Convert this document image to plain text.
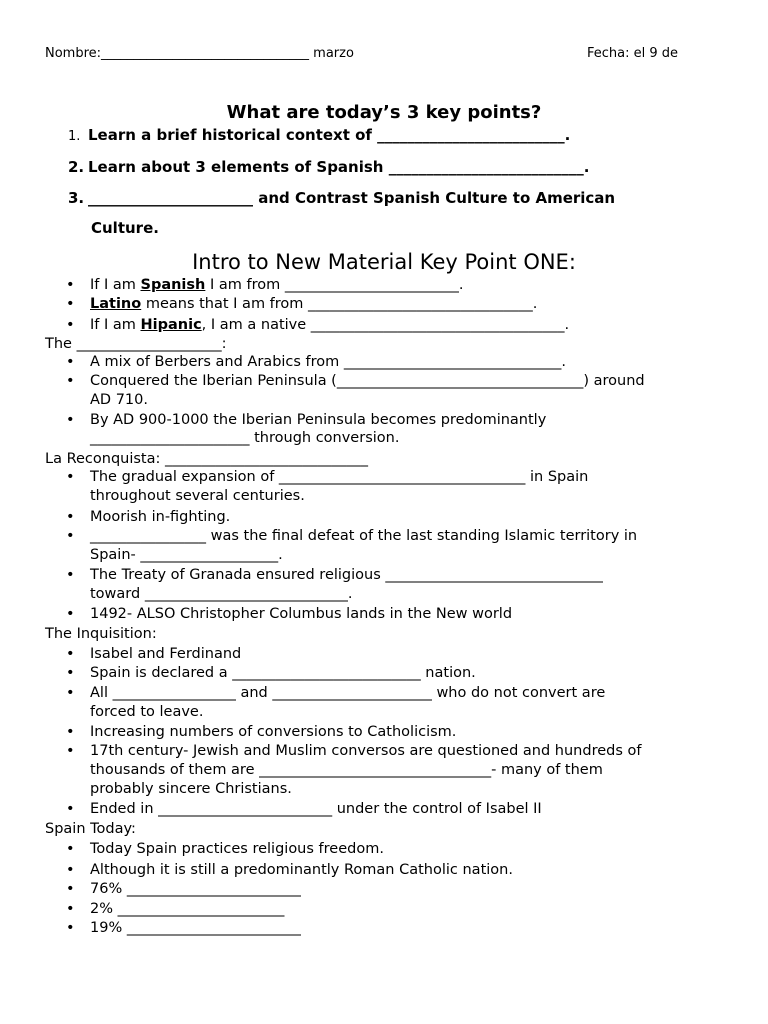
Nombre:________________________________ marzo	Fecha: el 9 de
What are today’s 3 key points?
1. Learn a brief historical context of _________________________.
2. Learn about 3 elements of Spanish __________________________.
3. ______________________ and Contrast Spanish Culture to American
Culture.
Intro to New Material Key Point ONE:
• If I am Spanish I am from ________________________.
• Latino means that I am from _______________________________.
• If I am Hipanic, I am a native ___________________________________.
The ____________________:
• A mix of Berbers and Arabics from ______________________________.
• Conquered the Iberian Peninsula (__________________________________) around
AD 710.
• By AD 900-1000 the Iberian Peninsula becomes predominantly
______________________ through conversion.
La Reconquista: ____________________________
• The gradual expansion of __________________________________ in Spain
throughout several centuries.
• Moorish in-fighting.
• ________________ was the final defeat of the last standing Islamic territory in
Spain- ___________________.
• The Treaty of Granada ensured religious ______________________________
toward ____________________________.
• 1492- ALSO Christopher Columbus lands in the New world
The Inquisition:
• Isabel and Ferdinand
• Spain is declared a __________________________ nation.
• All _________________ and ______________________ who do not convert are
forced to leave.
• Increasing numbers of conversions to Catholicism.
• 17th century- Jewish and Muslim conversos are questioned and hundreds of
thousands of them are ________________________________- many of them
probably sincere Christians.
• Ended in ________________________ under the control of Isabel II
Spain Today:
• Today Spain practices religious freedom.
• Although it is still a predominantly Roman Catholic nation.
• 76% ________________________
• 2% _______________________
• 19% ________________________
